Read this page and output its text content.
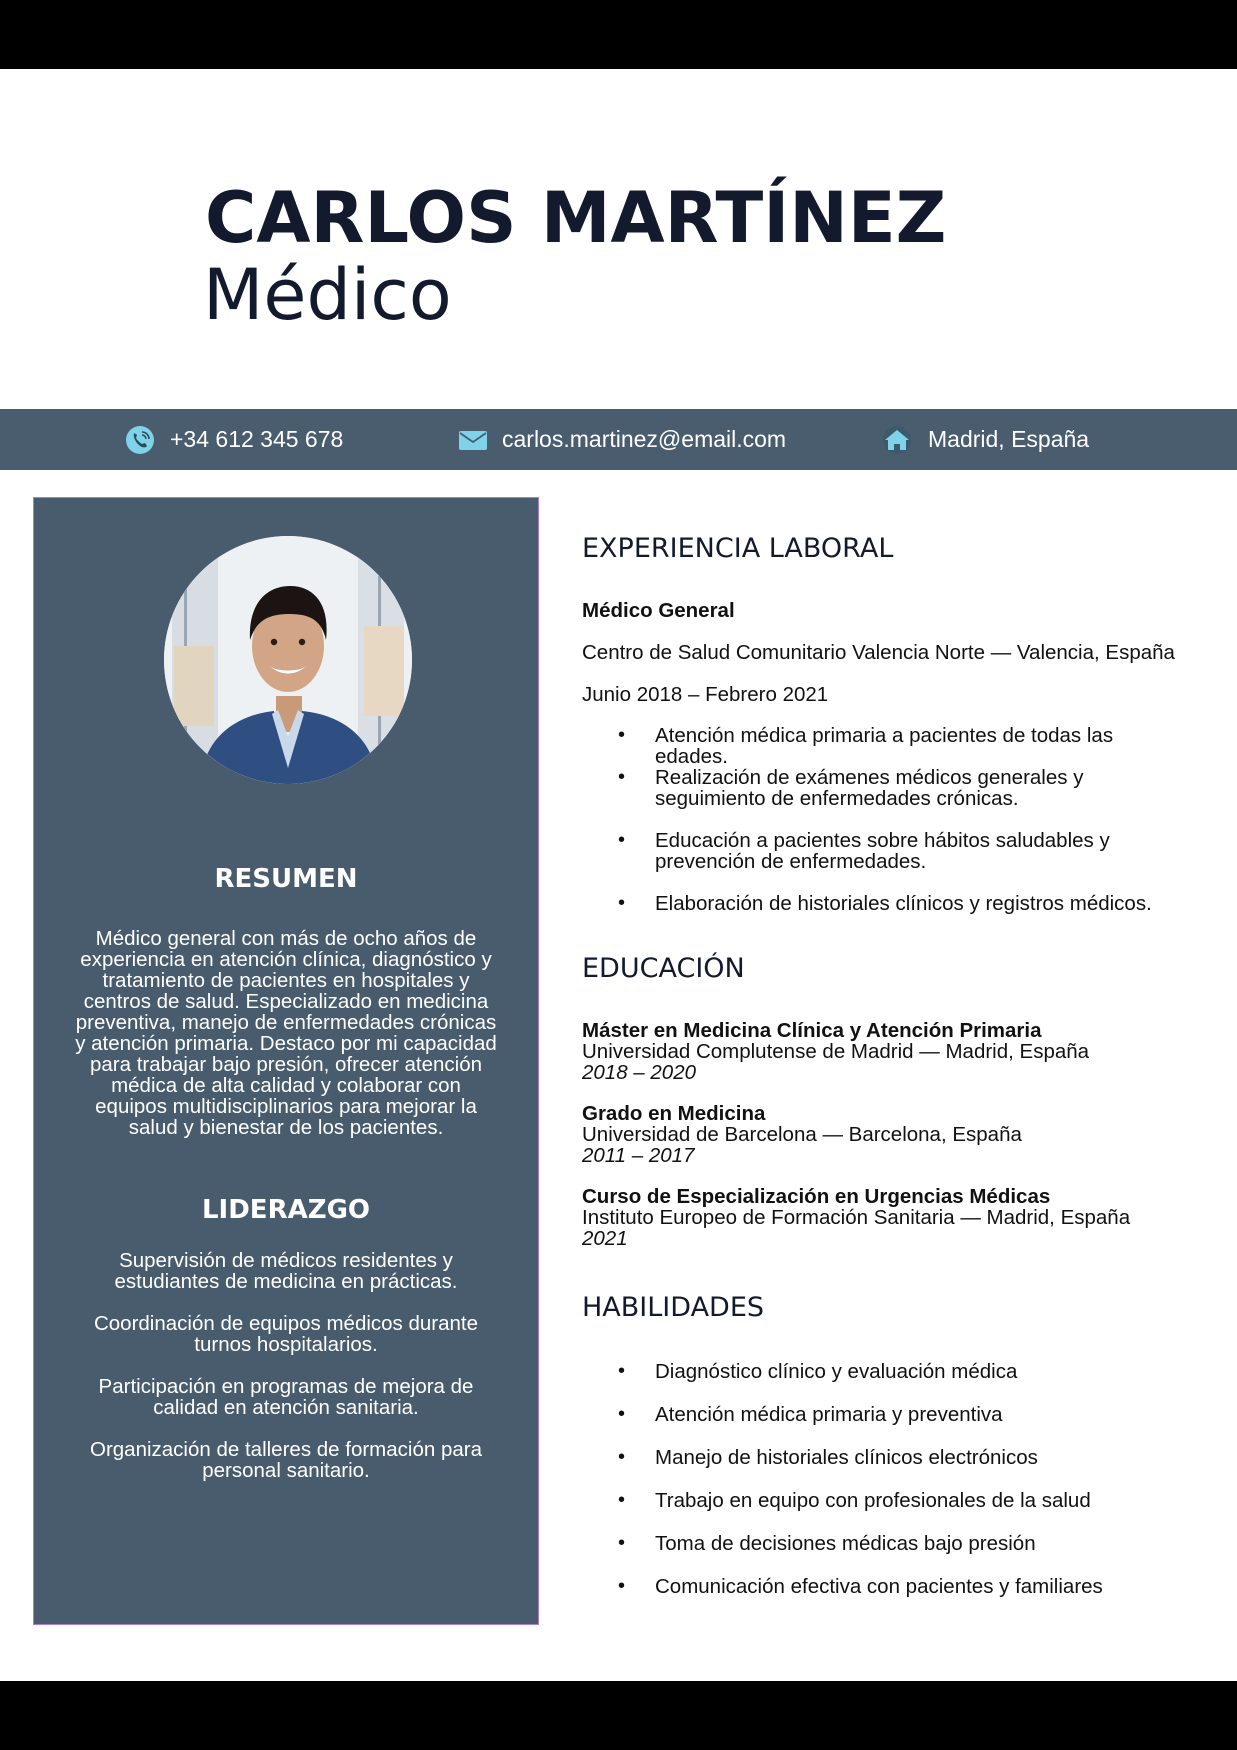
CARLOS MARTÍNEZ
Médico
+34 612 345 678	carlos.martinez@email.com	Madrid, España
RESUMEN

Médico general con más de ocho años de experiencia en atención clínica, diagnóstico y tratamiento de pacientes en hospitales y centros de salud. Especializado en medicina preventiva, manejo de enfermedades crónicas y atención primaria. Destaco por mi capacidad para trabajar bajo presión, ofrecer atención médica de alta calidad y colaborar con equipos multidisciplinarios para mejorar la salud y bienestar de los pacientes.

LIDERAZGO

Supervisión de médicos residentes y estudiantes de medicina en prácticas.

Coordinación de equipos médicos durante turnos hospitalarios.

Participación en programas de mejora de calidad en atención sanitaria.

Organización de talleres de formación para personal sanitario.

EXPERIENCIA LABORAL

Médico General

Centro de Salud Comunitario Valencia Norte — Valencia, España

Junio 2018 – Febrero 2021

• Atención médica primaria a pacientes de todas las edades.
• Realización de exámenes médicos generales y seguimiento de enfermedades crónicas.
• Educación a pacientes sobre hábitos saludables y prevención de enfermedades.
• Elaboración de historiales clínicos y registros médicos.
EDUCACIÓN
Máster en Medicina Clínica y Atención Primaria
Universidad Complutense de Madrid — Madrid, España
2018 – 2020
Grado en Medicina
Universidad de Barcelona — Barcelona, España
2011 – 2017
Curso de Especialización en Urgencias Médicas
Instituto Europeo de Formación Sanitaria — Madrid, España
2021
HABILIDADES
• Diagnóstico clínico y evaluación médica
• Atención médica primaria y preventiva
• Manejo de historiales clínicos electrónicos
• Trabajo en equipo con profesionales de la salud
• Toma de decisiones médicas bajo presión
• Comunicación efectiva con pacientes y familiares
